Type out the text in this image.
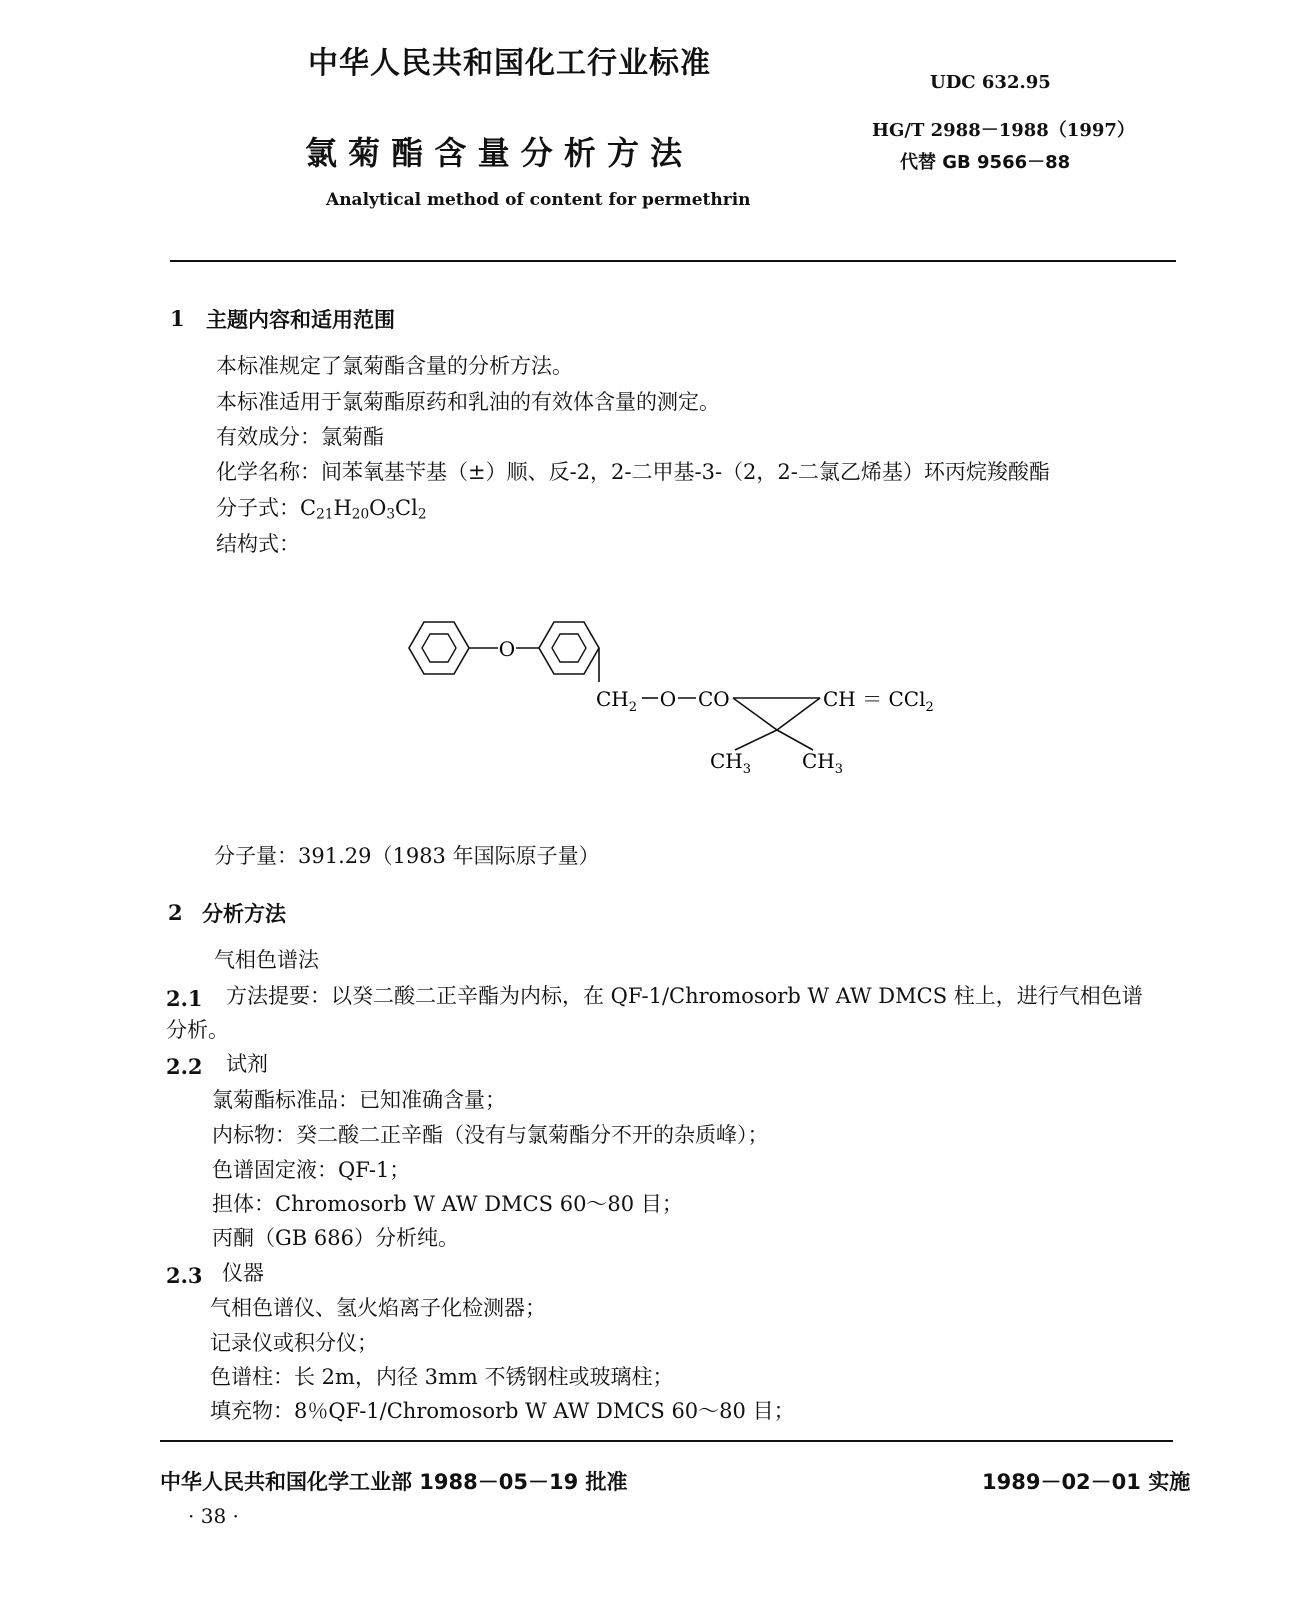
中华人民共和国化工行业标准
UDC 632.95
HG/T 2988－1988（1997）
代替 GB 9566－88
氯 菊 酯 含 量 分 析 方 法
Analytical method of content for permethrin
1 主题内容和适用范围
本标准规定了氯菊酯含量的分析方法。
本标准适用于氯菊酯原药和乳油的有效体含量的测定。
有效成分：氯菊酯
化学名称：间苯氧基苄基（±）顺、反-2，2-二甲基-3-（2，2-二氯乙烯基）环丙烷羧酸酯
分子式：$C_{21}H_{20}O_3Cl_2$
结构式：
O
$CH_2$ O CO	CH ＝ CCl$_2$
$CH_3$	$CH_3$
分子量：391.29（1983 年国际原子量）
2 分析方法
气相色谱法
2.1 方法提要：以癸二酸二正辛酯为内标，在 QF-1/Chromosorb W AW DMCS 柱上，进行气相色谱
分析。
2.2 试剂
氯菊酯标准品：已知准确含量；
内标物：癸二酸二正辛酯（没有与氯菊酯分不开的杂质峰）；
色谱固定液：QF-1；
担体：Chromosorb W AW DMCS 60～80 目；
丙酮（GB 686）分析纯。
2.3 仪器
气相色谱仪、氢火焰离子化检测器；
记录仪或积分仪；
色谱柱：长 2m，内径 3mm 不锈钢柱或玻璃柱；
填充物：8％QF-1/Chromosorb W AW DMCS 60～80 目；
中华人民共和国化学工业部 1988－05－19 批准	1989－02－01 实施
· 38 ·
